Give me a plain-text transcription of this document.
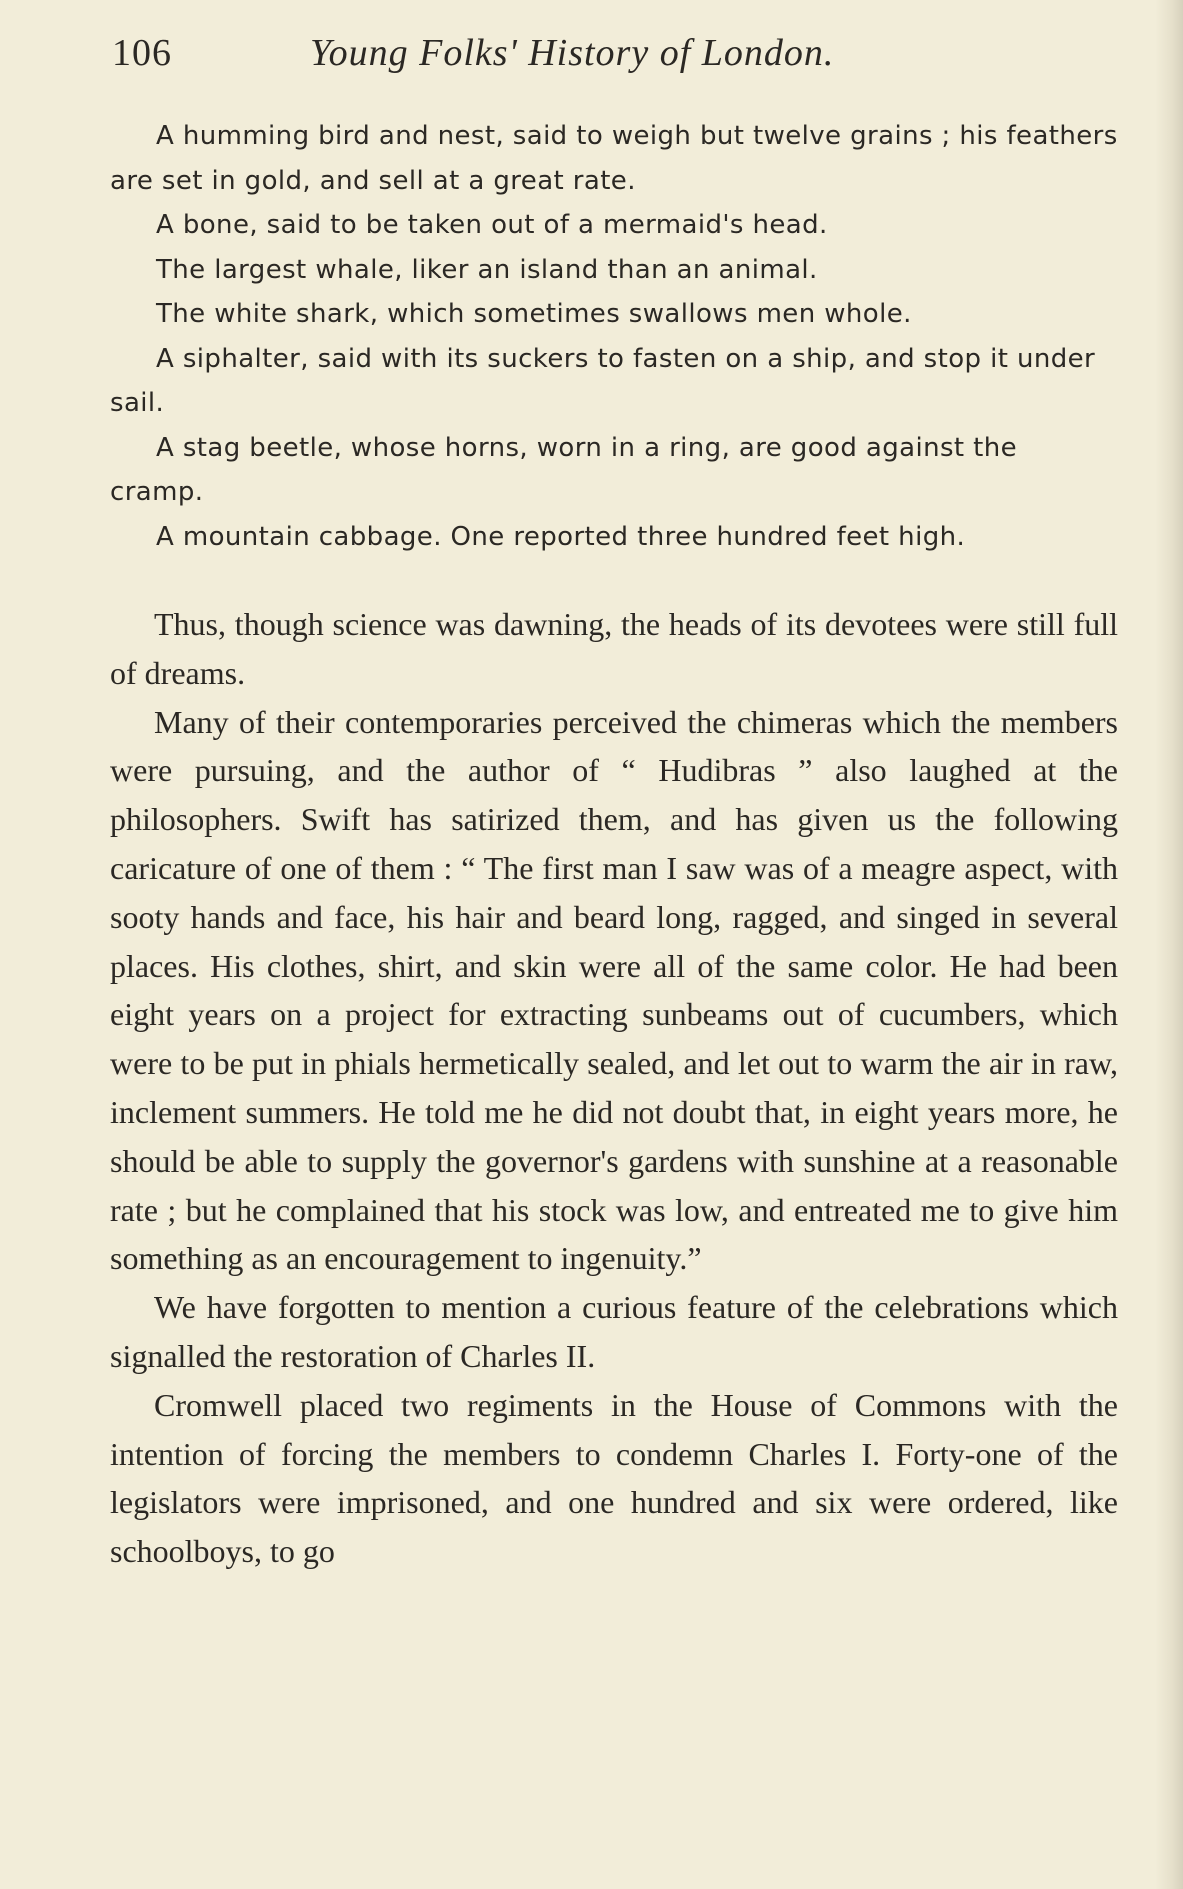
106	Young Folks' History of London.

A humming bird and nest, said to weigh but twelve grains ; his feathers are set in gold, and sell at a great rate.

A bone, said to be taken out of a mermaid's head.

The largest whale, liker an island than an animal.

The white shark, which sometimes swallows men whole.

A siphalter, said with its suckers to fasten on a ship, and stop it under sail.

A stag beetle, whose horns, worn in a ring, are good against the cramp.

A mountain cabbage. One reported three hundred feet high.

Thus, though science was dawning, the heads of its devotees were still full of dreams.

Many of their contemporaries perceived the chimeras which the members were pursuing, and the author of “ Hudibras ” also laughed at the philosophers. Swift has satirized them, and has given us the following caricature of one of them : “ The first man I saw was of a meagre aspect, with sooty hands and face, his hair and beard long, ragged, and singed in several places. His clothes, shirt, and skin were all of the same color. He had been eight years on a project for extracting sunbeams out of cucumbers, which were to be put in phials hermetically sealed, and let out to warm the air in raw, inclement summers. He told me he did not doubt that, in eight years more, he should be able to supply the governor's gardens with sunshine at a reasonable rate ; but he complained that his stock was low, and entreated me to give him something as an encouragement to ingenuity.”

We have forgotten to mention a curious feature of the celebrations which signalled the restoration of Charles II.

Cromwell placed two regiments in the House of Commons with the intention of forcing the members to condemn Charles I. Forty-one of the legislators were imprisoned, and one hundred and six were ordered, like schoolboys, to go
